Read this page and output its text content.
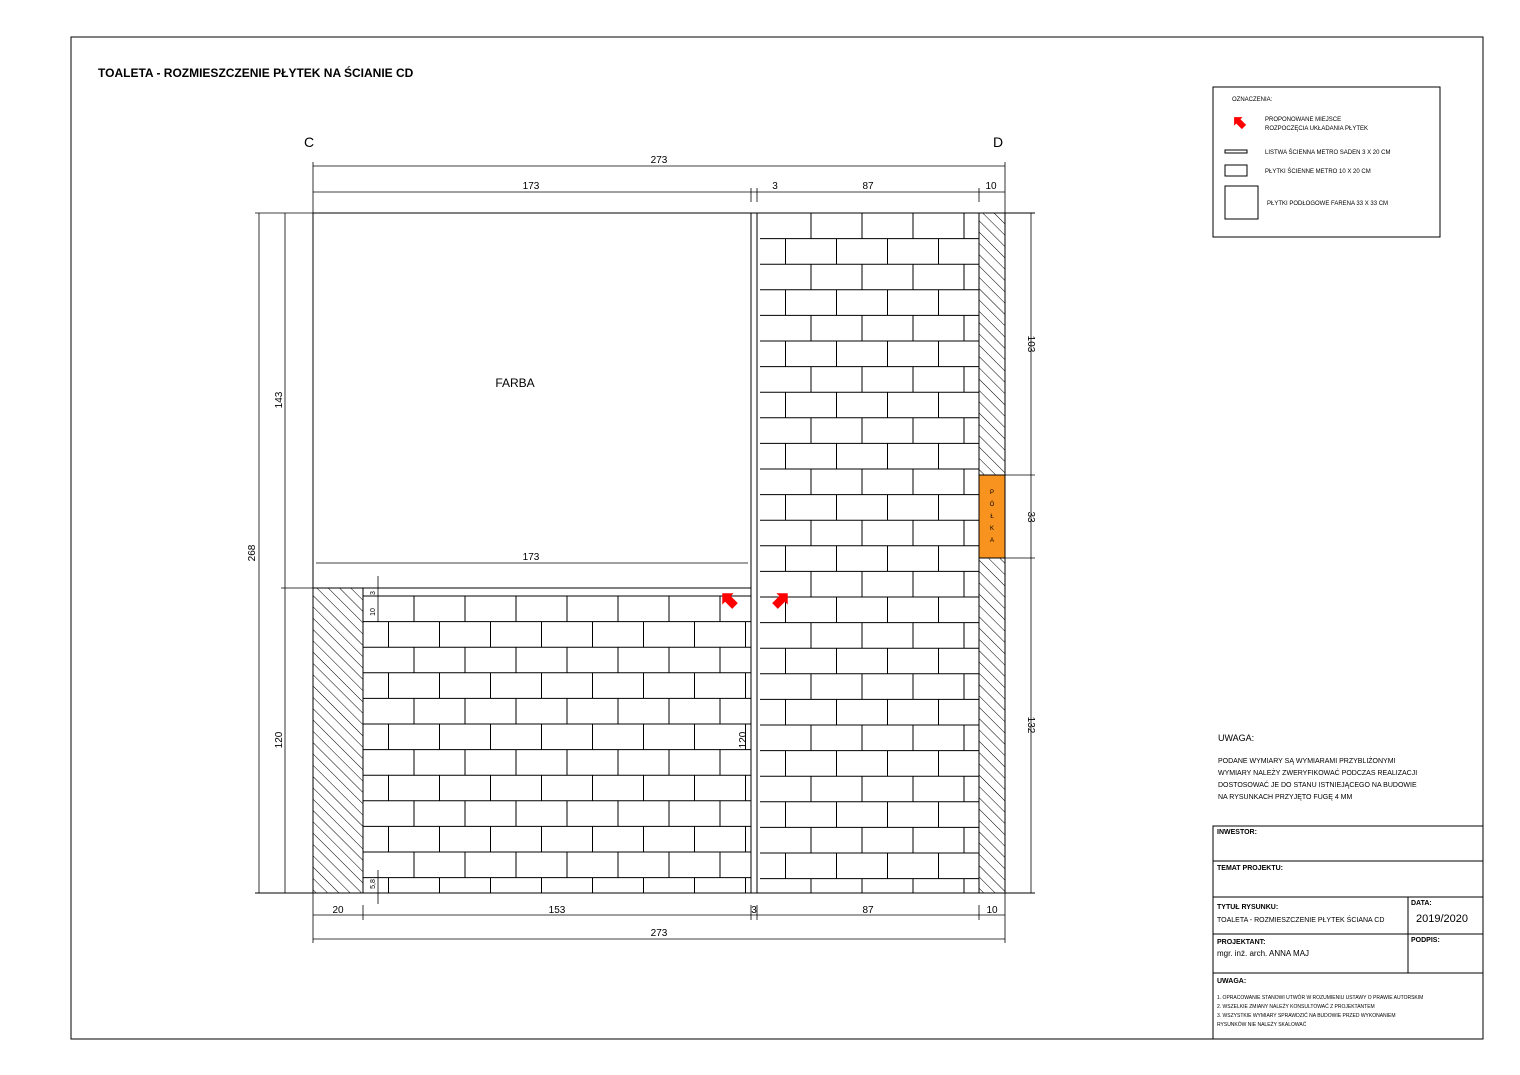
TOALETA - ROZMIESZCZENIE PŁYTEK NA ŚCIANIE CD
C	D
273
173	3	87	10
FARBA
173
P
Ó
Ł
K
A
268
143
120
10
3
5,8
120
103
33
132
20	153	3	87	10
273
OZNACZENIA:
PROPONOWANE MIEJSCE
ROZPOCZĘCIA UKŁADANIA PŁYTEK
LISTWA ŚCIENNA METRO SADEN 3 X 20 CM
PŁYTKI ŚCIENNE METRO 10 X 20 CM
PŁYTKI PODŁOGOWE FARENA 33 X 33 CM
UWAGA:
PODANE WYMIARY SĄ WYMIARAMI PRZYBLIŻONYMI
WYMIARY NALEŻY ZWERYFIKOWAĆ PODCZAS REALIZACJI
DOSTOSOWAĆ JE DO STANU ISTNIEJĄCEGO NA BUDOWIE
NA RYSUNKACH PRZYJĘTO FUGĘ 4 MM
INWESTOR:
TEMAT PROJEKTU:
TYTUŁ RYSUNKU:
TOALETA - ROZMIESZCZENIE PŁYTEK ŚCIANA CD
DATA:
2019/2020
PROJEKTANT:
mgr. inż. arch. ANNA MAJ
PODPIS:
UWAGA:
1. OPRACOWANIE STANOWI UTWÓR W ROZUMIENIU USTAWY O PRAWIE AUTORSKIM
2. WSZELKIE ZMIANY NALEŻY KONSULTOWAĆ Z PROJEKTANTEM
3. WSZYSTKIE WYMIARY SPRAWDZIĆ NA BUDOWIE PRZED WYKONANIEM
RYSUNKÓW NIE NALEŻY SKALOWAĆ
